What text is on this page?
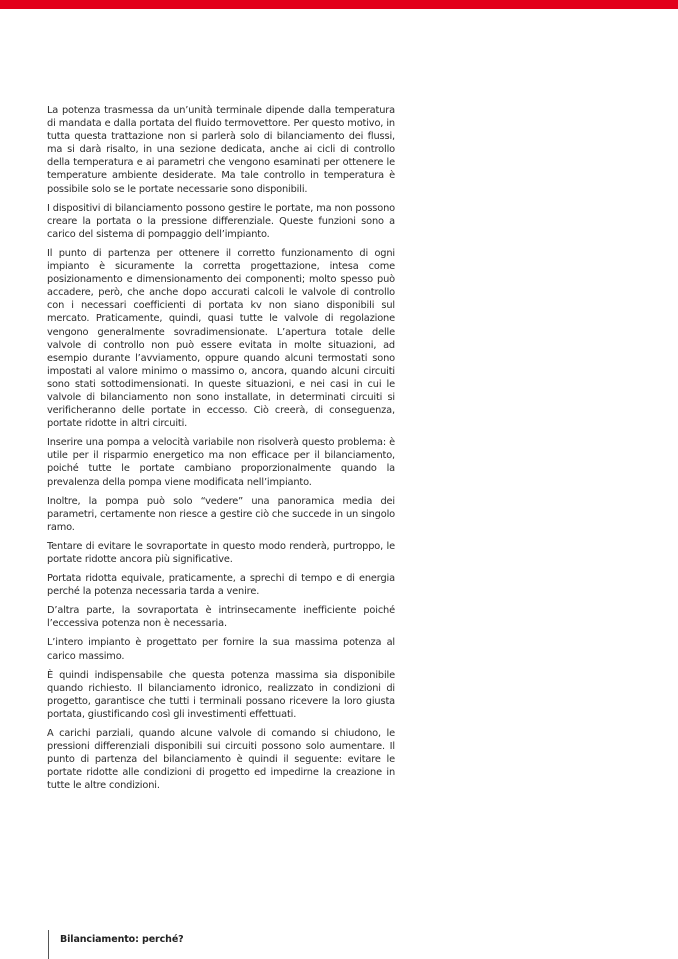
La potenza trasmessa da un’unità terminale dipende dalla temperatura di mandata e dalla portata del fluido termovettore. Per questo motivo, in tutta questa trattazione non si parlerà solo di bilanciamento dei flussi, ma si darà risalto, in una sezione dedicata, anche ai cicli di controllo della temperatura e ai parametri che vengono esaminati per ottenere le temperature ambiente desiderate. Ma tale controllo in temperatura è possibile solo se le portate necessarie sono disponibili.

I dispositivi di bilanciamento possono gestire le portate, ma non possono creare la portata o la pressione differenziale. Queste funzioni sono a carico del sistema di pompaggio dell’impianto.

Il punto di partenza per ottenere il corretto funzionamento di ogni impianto è sicuramente la corretta progettazione, intesa come posizionamento e dimensionamento dei componenti; molto spesso può accadere, però, che anche dopo accurati calcoli le valvole di controllo con i necessari coefficienti di portata kv non siano disponibili sul mercato. Praticamente, quindi, quasi tutte le valvole di regolazione vengono generalmente sovradimensionate. L’apertura totale delle valvole di controllo non può essere evitata in molte situazioni, ad esempio durante l’avviamento, oppure quando alcuni termostati sono impostati al valore minimo o massimo o, ancora, quando alcuni circuiti sono stati sottodimensionati. In queste situazioni, e nei casi in cui le valvole di bilanciamento non sono installate, in determinati circuiti si verificheranno delle portate in eccesso. Ciò creerà, di conseguenza, portate ridotte in altri circuiti.

Inserire una pompa a velocità variabile non risolverà questo problema: è utile per il risparmio energetico ma non efficace per il bilanciamento, poiché tutte le portate cambiano proporzionalmente quando la prevalenza della pompa viene modificata nell’impianto.

Inoltre, la pompa può solo “vedere” una panoramica media dei parametri, certamente non riesce a gestire ciò che succede in un singolo ramo.

Tentare di evitare le sovraportate in questo modo renderà, purtroppo, le portate ridotte ancora più significative.

Portata ridotta equivale, praticamente, a sprechi di tempo e di energia perché la potenza necessaria tarda a venire.

D’altra parte, la sovraportata è intrinsecamente inefficiente poiché l’eccessiva potenza non è necessaria.

L’intero impianto è progettato per fornire la sua massima potenza al carico massimo.

È quindi indispensabile che questa potenza massima sia disponibile quando richiesto. Il bilanciamento idronico, realizzato in condizioni di progetto, garantisce che tutti i terminali possano ricevere la loro giusta portata, giustificando così gli investimenti effettuati.

A carichi parziali, quando alcune valvole di comando si chiudono, le pressioni differenziali disponibili sui circuiti possono solo aumentare. Il punto di partenza del bilanciamento è quindi il seguente: evitare le portate ridotte alle condizioni di progetto ed impedirne la creazione in tutte le altre condizioni.

Bilanciamento: perché?
